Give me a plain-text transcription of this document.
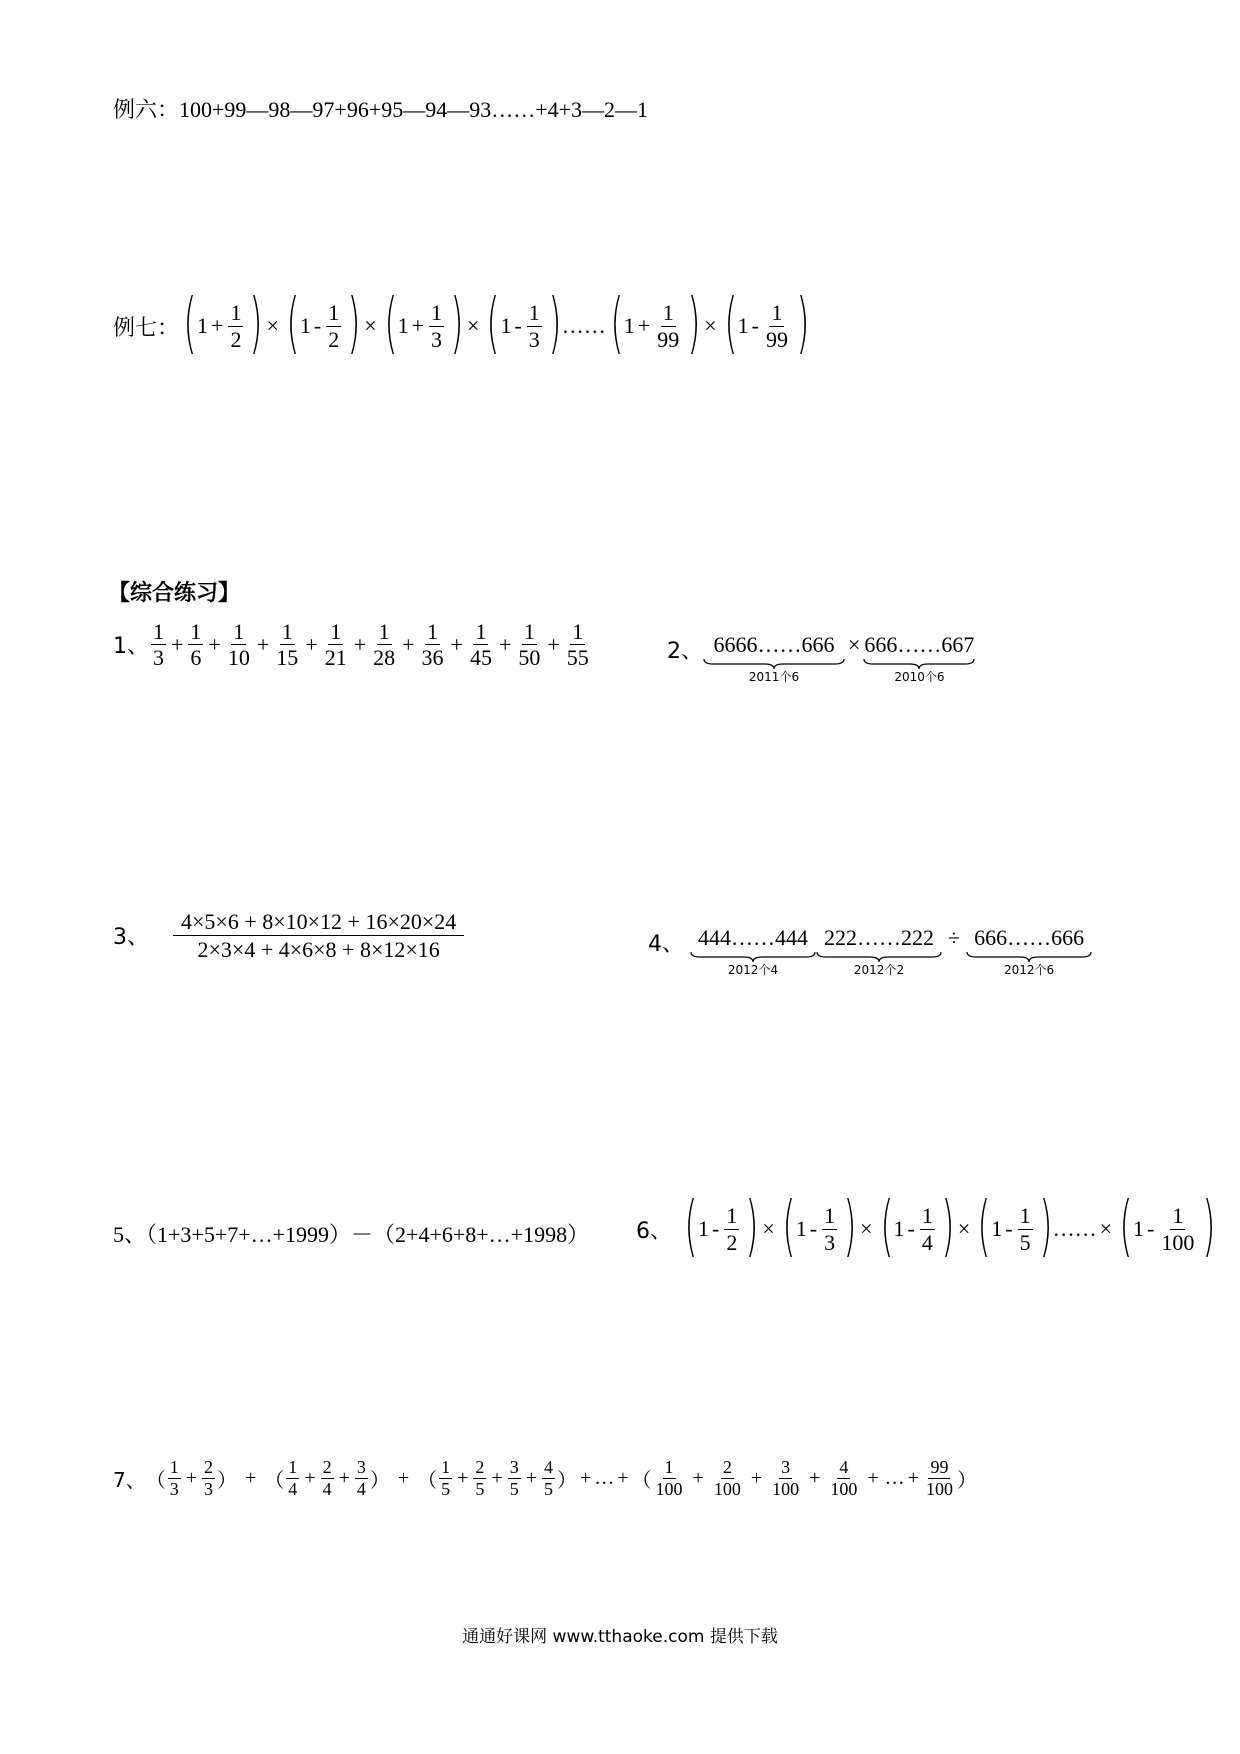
例六：100+99—98—97+96+95—94—93……+4+3—2—1
例七： ( $1 + \frac{1}{2}$ ) × ( $1 - \frac{1}{2}$ ) × ( $1 + \frac{1}{3}$ ) × ( $1 - \frac{1}{3}$ ) …… ( $1 + \frac{1}{99}$ ) × ( $1 - \frac{1}{99}$ )
【综合练习】
1、 $\frac{1}{3} + \frac{1}{6} + \frac{1}{10} + \frac{1}{15} + \frac{1}{21} + \frac{1}{28} + \frac{1}{36} + \frac{1}{45} + \frac{1}{50} + \frac{1}{55}$	2、 6666……666
2011个6
× 666……667
2010个6
3、 $\frac{4\times 5\times 6 + 8\times 10\times 12 + 16\times 20\times 24}{2\times 3\times 4 + 4\times 6\times 8 + 8\times 12\times 16}$	4、 444……444
2012个4
222……222
2012个2
÷ 666……666
2012个6
5、（1+3+5+7+…+1999）－（2+4+6+8+…+1998） 6、 ( $1 - \frac{1}{2}$ ) × ( $1 - \frac{1}{3}$ ) × ( $1 - \frac{1}{4}$ ) × ( $1 - \frac{1}{5}$ ) …… × ( $1 - \frac{1}{100}$ )
7、 （ $\frac{1}{3} + \frac{2}{3}$ ） + （ $\frac{1}{4} + \frac{2}{4} + \frac{3}{4}$ ） + （ $\frac{1}{5} + \frac{2}{5} + \frac{3}{5} + \frac{4}{5}$ ） + … + （ $\frac{1}{100} + \frac{2}{100} + \frac{3}{100} + \frac{4}{100}$ + … + $\frac{99}{100}$ ）
通通好课网 www.tthaoke.com 提供下载
